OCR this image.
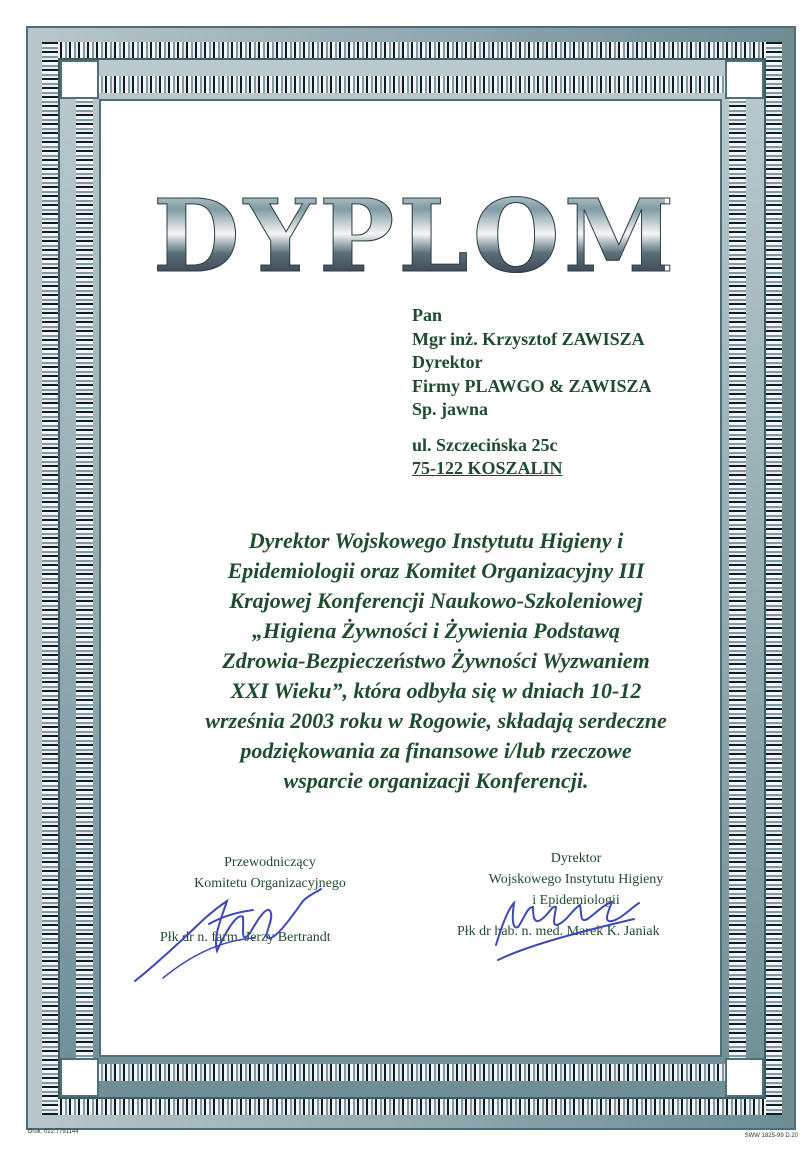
DYPLOM
Pan
Mgr inż. Krzysztof ZAWISZA
Dyrektor
Firmy PLAWGO & ZAWISZA
Sp. jawna
ul. Szczecińska 25c
75-122 KOSZALIN
Dyrektor Wojskowego Instytutu Higieny i
Epidemiologii oraz Komitet Organizacyjny III
Krajowej Konferencji Naukowo-Szkoleniowej
„Higiena Żywności i Żywienia Podstawą
Zdrowia-Bezpieczeństwo Żywności Wyzwaniem
XXI Wieku”, która odbyła się w dniach 10-12
września 2003 roku w Rogowie, składają serdeczne
podziękowania za finansowe i/lub rzeczowe
wsparcie organizacji Konferencji.
Przewodniczący
Komitetu Organizacyjnego
Płk dr n. farm. Jerzy Bertrandt
Dyrektor
Wojskowego Instytutu Higieny
i Epidemiologii
Płk dr hab. n. med. Marek K. Janiak
Druk. 022 7791144
SWW 1825-99 D.20
